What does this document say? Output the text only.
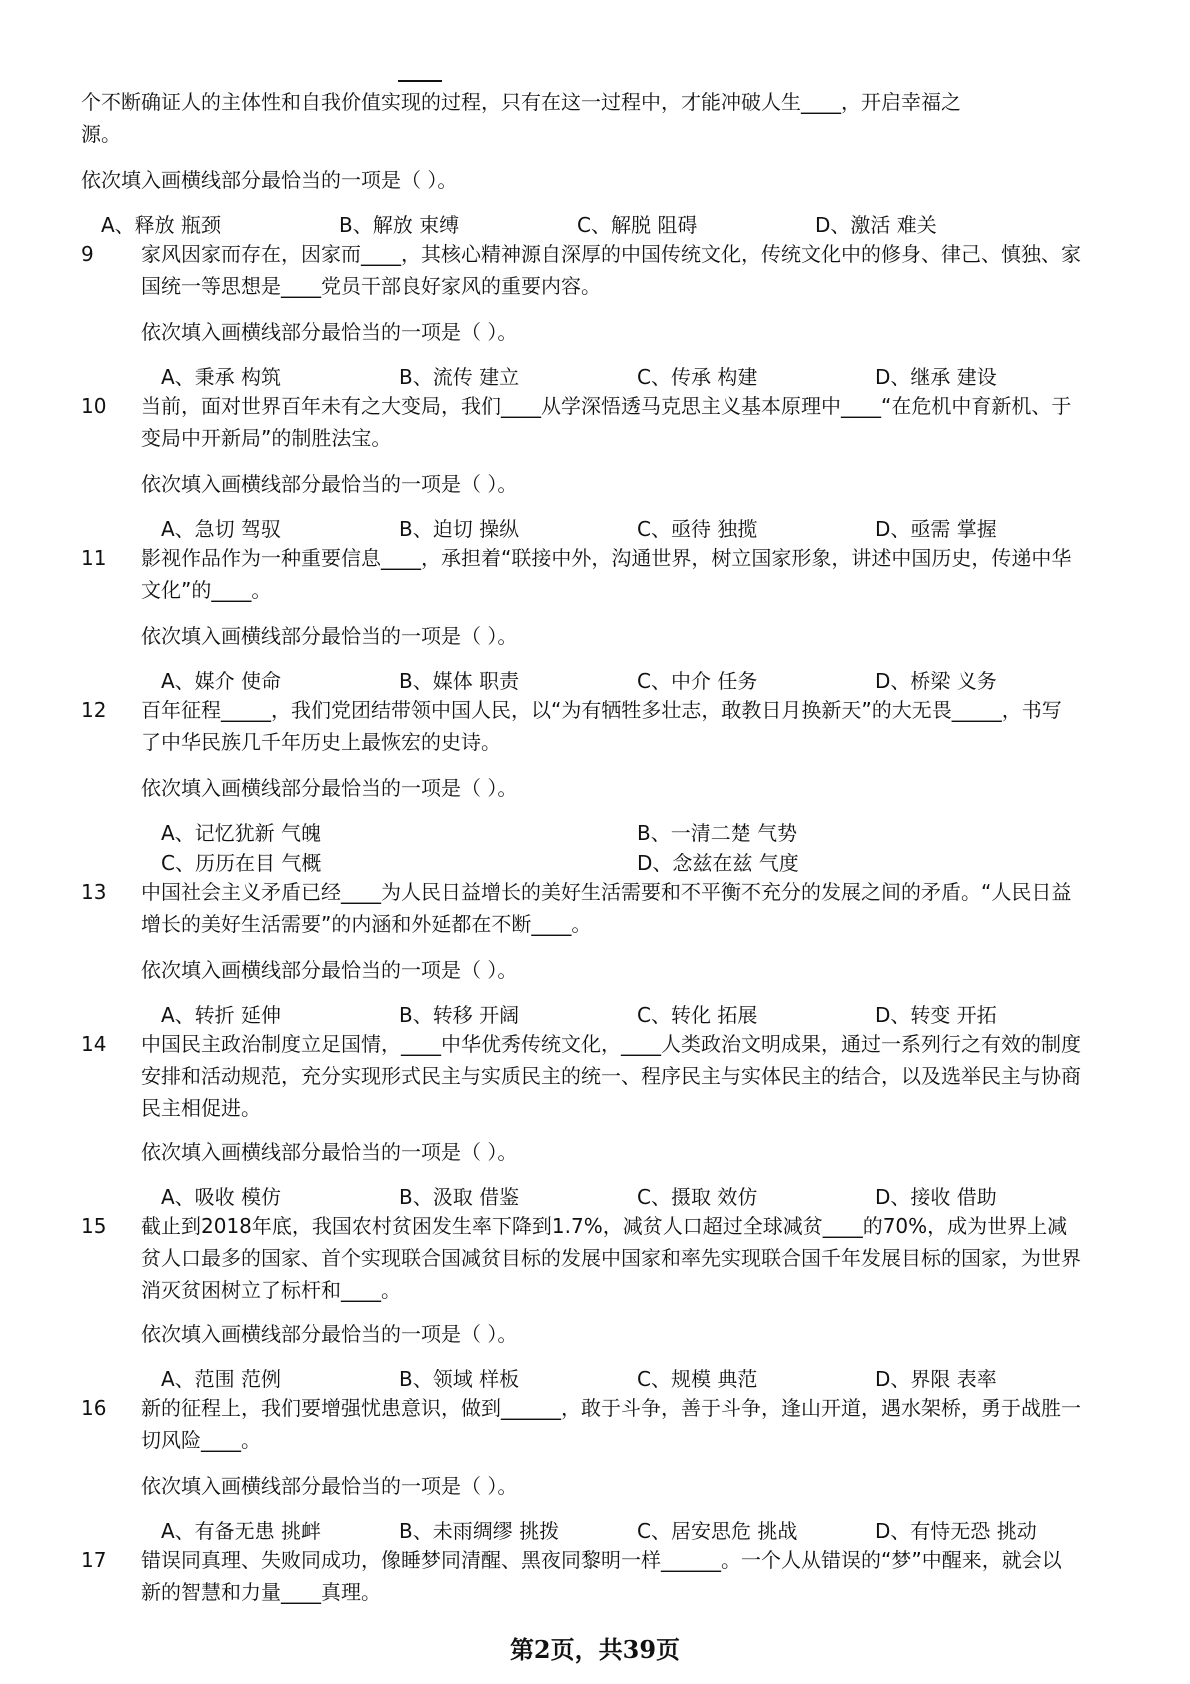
个不断确证人的主体性和自我价值实现的过程，只有在这一过程中，才能冲破人生____，开启幸福之
源。
依次填入画横线部分最恰当的一项是（ ）。
A、释放 瓶颈	B、解放 束缚	C、解脱 阻碍	D、激活 难关
9	家风因家而存在，因家而____，其核心精神源自深厚的中国传统文化，传统文化中的修身、律己、慎独、家国统一等思想是____党员干部良好家风的重要内容。
依次填入画横线部分最恰当的一项是（ ）。
A、秉承 构筑	B、流传 建立	C、传承 构建	D、继承 建设
10	当前，面对世界百年未有之大变局，我们____从学深悟透马克思主义基本原理中____“在危机中育新机、于变局中开新局”的制胜法宝。
依次填入画横线部分最恰当的一项是（ ）。
A、急切 驾驭	B、迫切 操纵	C、亟待 独揽	D、亟需 掌握
11	影视作品作为一种重要信息____，承担着“联接中外，沟通世界，树立国家形象，讲述中国历史，传递中华文化”的____。
依次填入画横线部分最恰当的一项是（ ）。
A、媒介 使命	B、媒体 职责	C、中介 任务	D、桥梁 义务
12	百年征程_____，我们党团结带领中国人民，以“为有牺牲多壮志，敢教日月换新天”的大无畏_____，书写了中华民族几千年历史上最恢宏的史诗。
依次填入画横线部分最恰当的一项是（ ）。
A、记忆犹新 气魄	B、一清二楚 气势
C、历历在目 气概	D、念兹在兹 气度
13	中国社会主义矛盾已经____为人民日益增长的美好生活需要和不平衡不充分的发展之间的矛盾。“人民日益增长的美好生活需要”的内涵和外延都在不断____。
依次填入画横线部分最恰当的一项是（ ）。
A、转折 延伸	B、转移 开阔	C、转化 拓展	D、转变 开拓
14	中国民主政治制度立足国情，____中华优秀传统文化，____人类政治文明成果，通过一系列行之有效的制度安排和活动规范，充分实现形式民主与实质民主的统一、程序民主与实体民主的结合，以及选举民主与协商民主相促进。
依次填入画横线部分最恰当的一项是（ ）。
A、吸收 模仿	B、汲取 借鉴	C、摄取 效仿	D、接收 借助
15	截止到2018年底，我国农村贫困发生率下降到1.7%，减贫人口超过全球减贫____的70%，成为世界上减贫人口最多的国家、首个实现联合国减贫目标的发展中国家和率先实现联合国千年发展目标的国家，为世界消灭贫困树立了标杆和____。
依次填入画横线部分最恰当的一项是（ ）。
A、范围 范例	B、领域 样板	C、规模 典范	D、界限 表率
16	新的征程上，我们要增强忧患意识，做到______，敢于斗争，善于斗争，逢山开道，遇水架桥，勇于战胜一切风险____。
依次填入画横线部分最恰当的一项是（ ）。
A、有备无患 挑衅	B、未雨绸缪 挑拨	C、居安思危 挑战	D、有恃无恐 挑动
17	错误同真理、失败同成功，像睡梦同清醒、黑夜同黎明一样______。一个人从错误的“梦”中醒来，就会以新的智慧和力量____真理。
第2页，共39页
